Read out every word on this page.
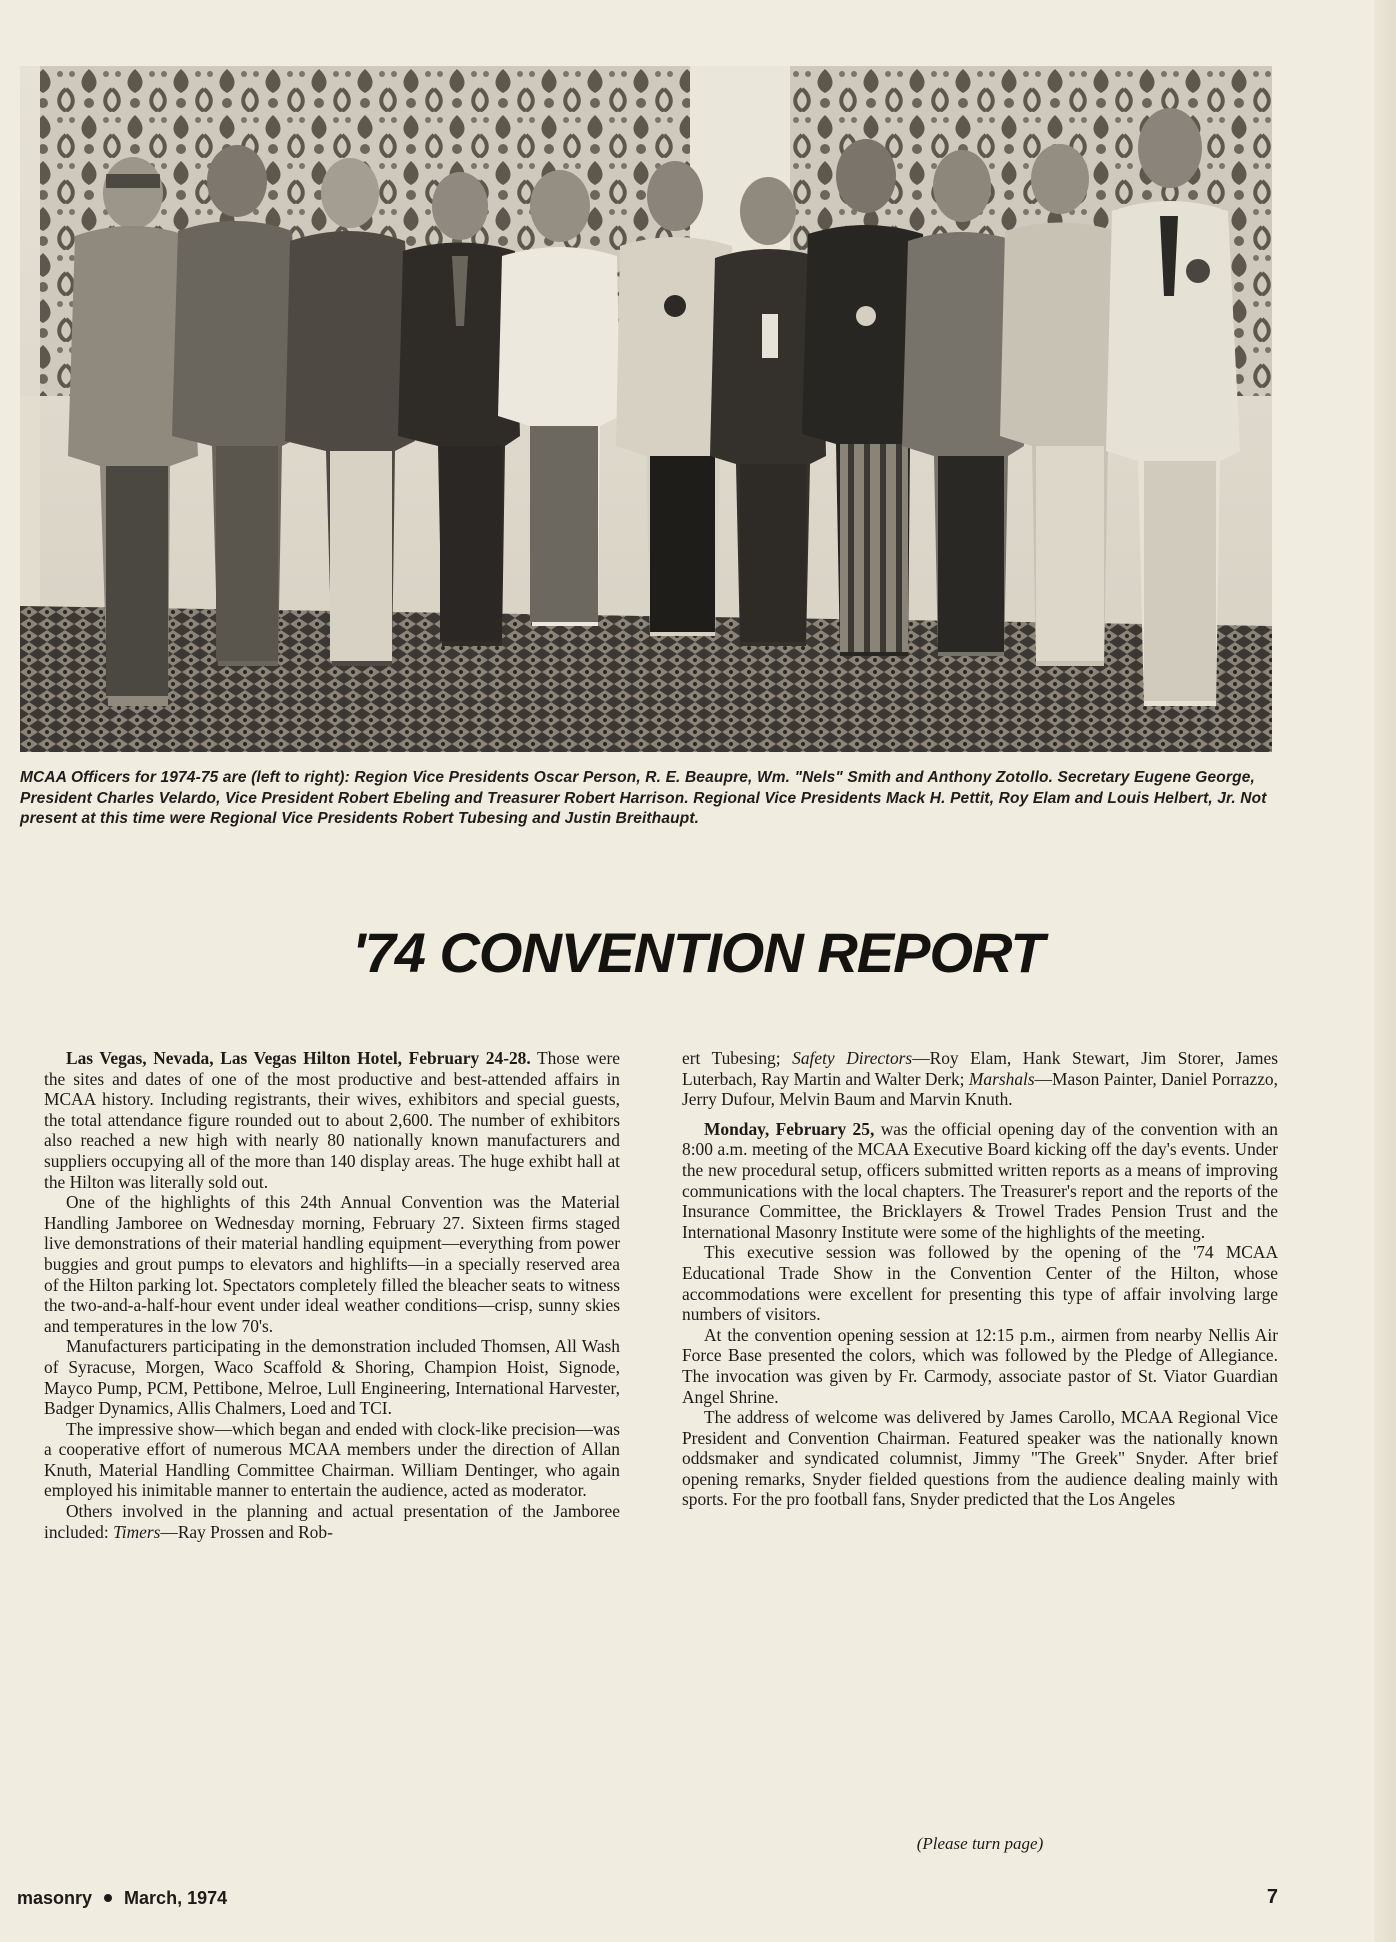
MCAA Officers for 1974-75 are (left to right): Region Vice Presidents Oscar Person, R. E. Beaupre, Wm. "Nels" Smith and Anthony Zotollo. Secretary Eugene George, President Charles Velardo, Vice President Robert Ebeling and Treasurer Robert Harrison. Regional Vice Presidents Mack H. Pettit, Roy Elam and Louis Helbert, Jr. Not present at this time were Regional Vice Presidents Robert Tubesing and Justin Breithaupt.
'74 CONVENTION REPORT

Las Vegas, Nevada, Las Vegas Hilton Hotel, February 24-28. Those were the sites and dates of one of the most productive and best-attended affairs in MCAA history. Including registrants, their wives, exhibitors and special guests, the total attendance figure rounded out to about 2,600. The number of exhibitors also reached a new high with nearly 80 nationally known manufacturers and suppliers occupying all of the more than 140 display areas. The huge exhibt hall at the Hilton was literally sold out.

One of the highlights of this 24th Annual Convention was the Material Handling Jamboree on Wednesday morning, February 27. Sixteen firms staged live demonstrations of their material handling equipment—everything from power buggies and grout pumps to elevators and highlifts—in a specially reserved area of the Hilton parking lot. Spectators completely filled the bleacher seats to witness the two-and-a-half-hour event under ideal weather conditions—crisp, sunny skies and temperatures in the low 70's.

Manufacturers participating in the demonstration included Thomsen, All Wash of Syracuse, Morgen, Waco Scaffold & Shoring, Champion Hoist, Signode, Mayco Pump, PCM, Pettibone, Melroe, Lull Engineering, International Harvester, Badger Dynamics, Allis Chalmers, Loed and TCI.

The impressive show—which began and ended with clock-like precision—was a cooperative effort of numerous MCAA members under the direction of Allan Knuth, Material Handling Committee Chairman. William Dentinger, who again employed his inimitable manner to entertain the audience, acted as moderator.

Others involved in the planning and actual presentation of the Jamboree included: Timers—Ray Prossen and Rob-

ert Tubesing; Safety Directors—Roy Elam, Hank Stewart, Jim Storer, James Luterbach, Ray Martin and Walter Derk; Marshals—Mason Painter, Daniel Porrazzo, Jerry Dufour, Melvin Baum and Marvin Knuth.

Monday, February 25, was the official opening day of the convention with an 8:00 a.m. meeting of the MCAA Executive Board kicking off the day's events. Under the new procedural setup, officers submitted written reports as a means of improving communications with the local chapters. The Treasurer's report and the reports of the Insurance Committee, the Bricklayers & Trowel Trades Pension Trust and the International Masonry Institute were some of the highlights of the meeting.

This executive session was followed by the opening of the '74 MCAA Educational Trade Show in the Convention Center of the Hilton, whose accommodations were excellent for presenting this type of affair involving large numbers of visitors.

At the convention opening session at 12:15 p.m., airmen from nearby Nellis Air Force Base presented the colors, which was followed by the Pledge of Allegiance. The invocation was given by Fr. Carmody, associate pastor of St. Viator Guardian Angel Shrine.

The address of welcome was delivered by James Carollo, MCAA Regional Vice President and Convention Chairman. Featured speaker was the nationally known oddsmaker and syndicated columnist, Jimmy "The Greek" Snyder. After brief opening remarks, Snyder fielded questions from the audience dealing mainly with sports. For the pro football fans, Snyder predicted that the Los Angeles

(Please turn page)
masonry March, 1974	7
